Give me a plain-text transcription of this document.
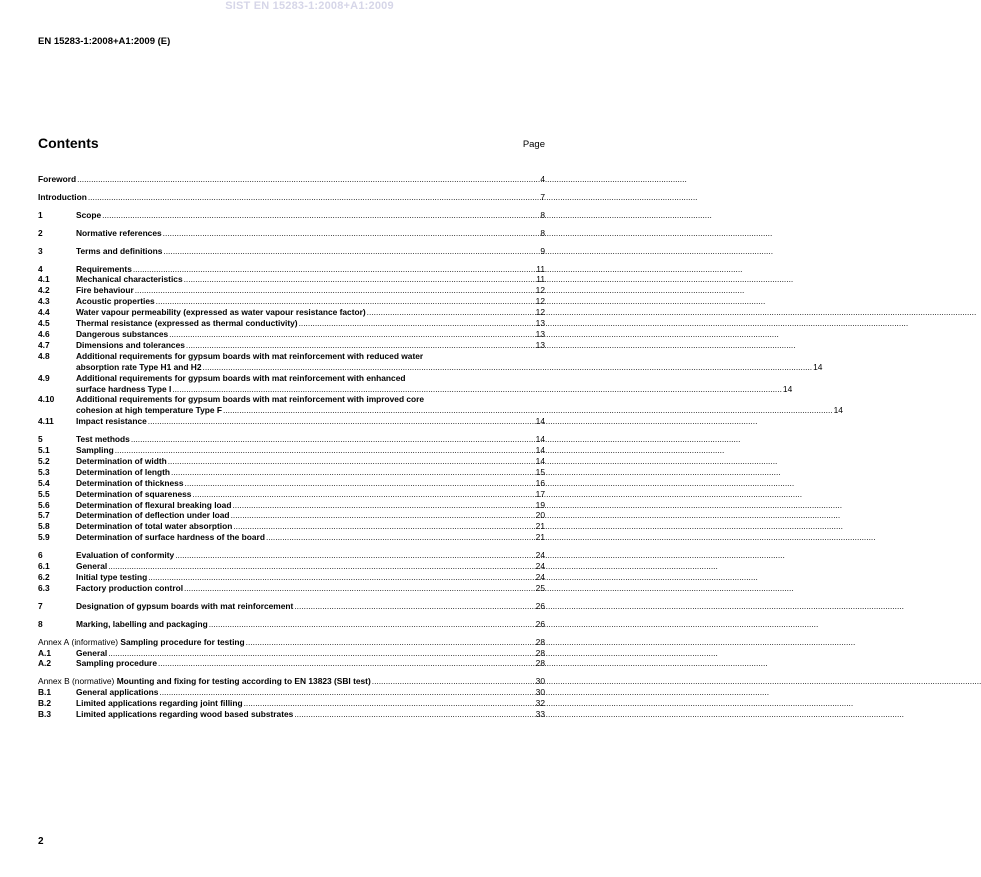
SIST EN 15283-1:2008+A1:2009
EN 15283-1:2008+A1:2009 (E)
Contents	Page
Foreword .....	4
Introduction .....	7
1	Scope .....	8
2	Normative references .....	8
3	Terms and definitions .....	9
4	Requirements .....	11
4.1	Mechanical characteristics .....	11
4.2	Fire behaviour .....	12
4.3	Acoustic properties .....	12
4.4	Water vapour permeability (expressed as water vapour resistance factor) .....	12
4.5	Thermal resistance (expressed as thermal conductivity) .....	13
4.6	Dangerous substances .....	13
4.7	Dimensions and tolerances .....	13
4.8	Additional requirements for gypsum boards with mat reinforcement with reduced water
absorption rate Type H1 and H2 .....	14
4.9	Additional requirements for gypsum boards with mat reinforcement with enhanced
surface hardness Type I .....	14
4.10	Additional requirements for gypsum boards with mat reinforcement with improved core
cohesion at high temperature Type F .....	14
4.11	Impact resistance .....	14
5	Test methods .....	14
5.1	Sampling .....	14
5.2	Determination of width .....	14
5.3	Determination of length .....	15
5.4	Determination of thickness .....	16
5.5	Determination of squareness .....	17
5.6	Determination of flexural breaking load .....	19
5.7	Determination of deflection under load .....	20
5.8	Determination of total water absorption .....	21
5.9	Determination of surface hardness of the board .....	21
6	Evaluation of conformity .....	24
6.1	General .....	24
6.2	Initial type testing .....	24
6.3	Factory production control .....	25
7	Designation of gypsum boards with mat reinforcement .....	26
8	Marking, labelling and packaging .....	26
Annex A (informative) Sampling procedure for testing .....	28
A.1	General .....	28
A.2	Sampling procedure .....	28
Annex B (normative) Mounting and fixing for testing according to EN 13823 (SBI test) .....	30
B.1	General applications .....	30
B.2	Limited applications regarding joint filling .....	32
B.3	Limited applications regarding wood based substrates .....	33
2
